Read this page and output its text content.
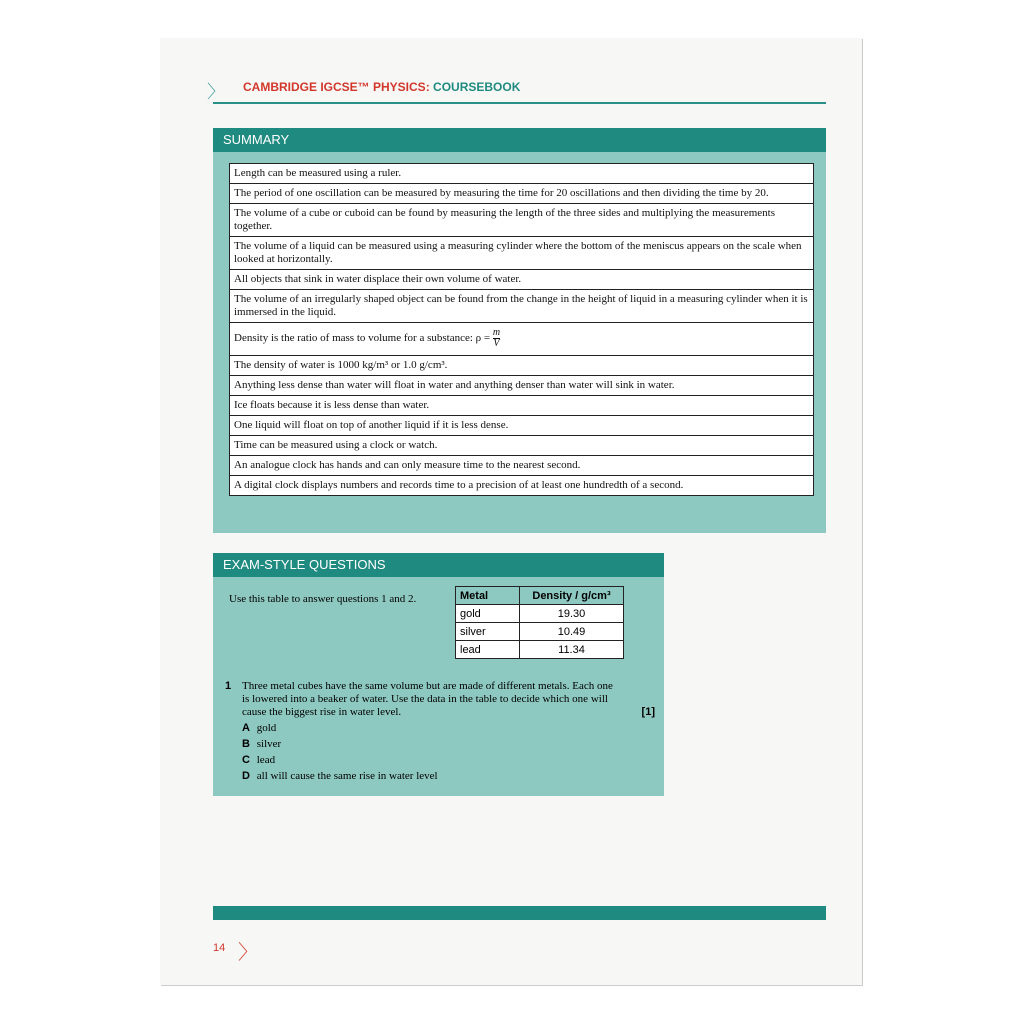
〉 CAMBRIDGE IGCSE™ PHYSICS: COURSEBOOK
SUMMARY
Length can be measured using a ruler.
The period of one oscillation can be measured by measuring the time for 20 oscillations and then dividing the time by 20.
The volume of a cube or cuboid can be found by measuring the length of the three sides and multiplying the measurements together.
The volume of a liquid can be measured using a measuring cylinder where the bottom of the meniscus appears on the scale when looked at horizontally.
All objects that sink in water displace their own volume of water.
The volume of an irregularly shaped object can be found from the change in the height of liquid in a measuring cylinder when it is immersed in the liquid.
Density is the ratio of mass to volume for a substance: $\rho = \frac{m}{V}$
The density of water is 1000 kg/m³ or 1.0 g/cm³.
Anything less dense than water will float in water and anything denser than water will sink in water.
Ice floats because it is less dense than water.
One liquid will float on top of another liquid if it is less dense.
Time can be measured using a clock or watch.
An analogue clock has hands and can only measure time to the nearest second.
A digital clock displays numbers and records time to a precision of at least one hundredth of a second.
EXAM-STYLE QUESTIONS
Use this table to answer questions 1 and 2.	Metal	Density / g/cm³
gold	19.30
silver	10.49
lead	11.34
1 Three metal cubes have the same volume but are made of different metals. Each one is lowered into a beaker of water. Use the data in the table to decide which one will cause the biggest rise in water level.	[1]
A gold
B silver
C lead
D all will cause the same rise in water level
14 〉
